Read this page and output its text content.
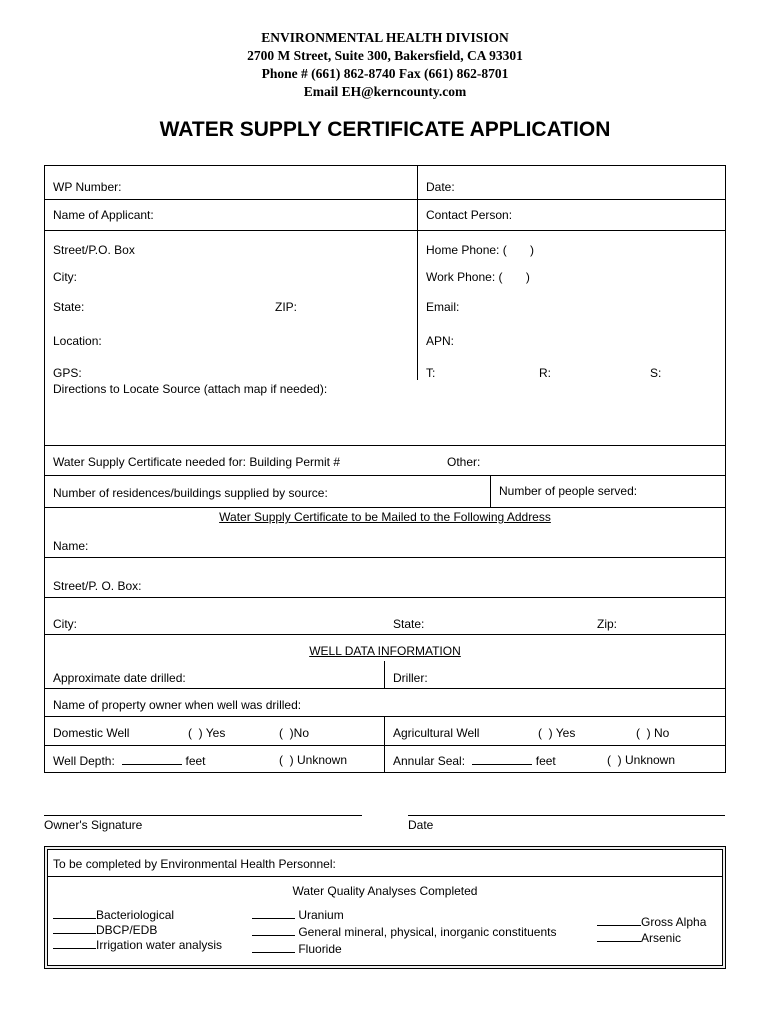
ENVIRONMENTAL HEALTH DIVISION
2700 M Street, Suite 300, Bakersfield, CA 93301
Phone # (661) 862-8740 Fax (661) 862-8701
Email EH@kerncounty.com
WATER SUPPLY CERTIFICATE APPLICATION
WP Number:	Date:
Name of Applicant:	Contact Person:
Street/P.O. Box	Home Phone: (       )
City:	Work Phone: (       )
State:	ZIP:	Email:
Location:	APN:
GPS:	T:	R:	S:
Directions to Locate Source (attach map if needed):
Water Supply Certificate needed for: Building Permit #	Other:
Number of residences/buildings supplied by source:	Number of people served:
Water Supply Certificate to be Mailed to the Following Address
Name:
Street/P. O. Box:
City:	State:	Zip:
WELL DATA INFORMATION
Approximate date drilled:	Driller:
Name of property owner when well was drilled:
Domestic Well	(  ) Yes	(  )No	Agricultural Well	(  ) Yes	(  ) No
Well Depth:	feet	(  ) Unknown	Annular Seal:	feet	(  ) Unknown
Owner's Signature	Date
To be completed by Environmental Health Personnel:
Water Quality Analyses Completed
Bacteriological
DBCP/EDB
Irrigation water analysis
Uranium
General mineral, physical, inorganic constituents
Fluoride
Gross Alpha
Arsenic
